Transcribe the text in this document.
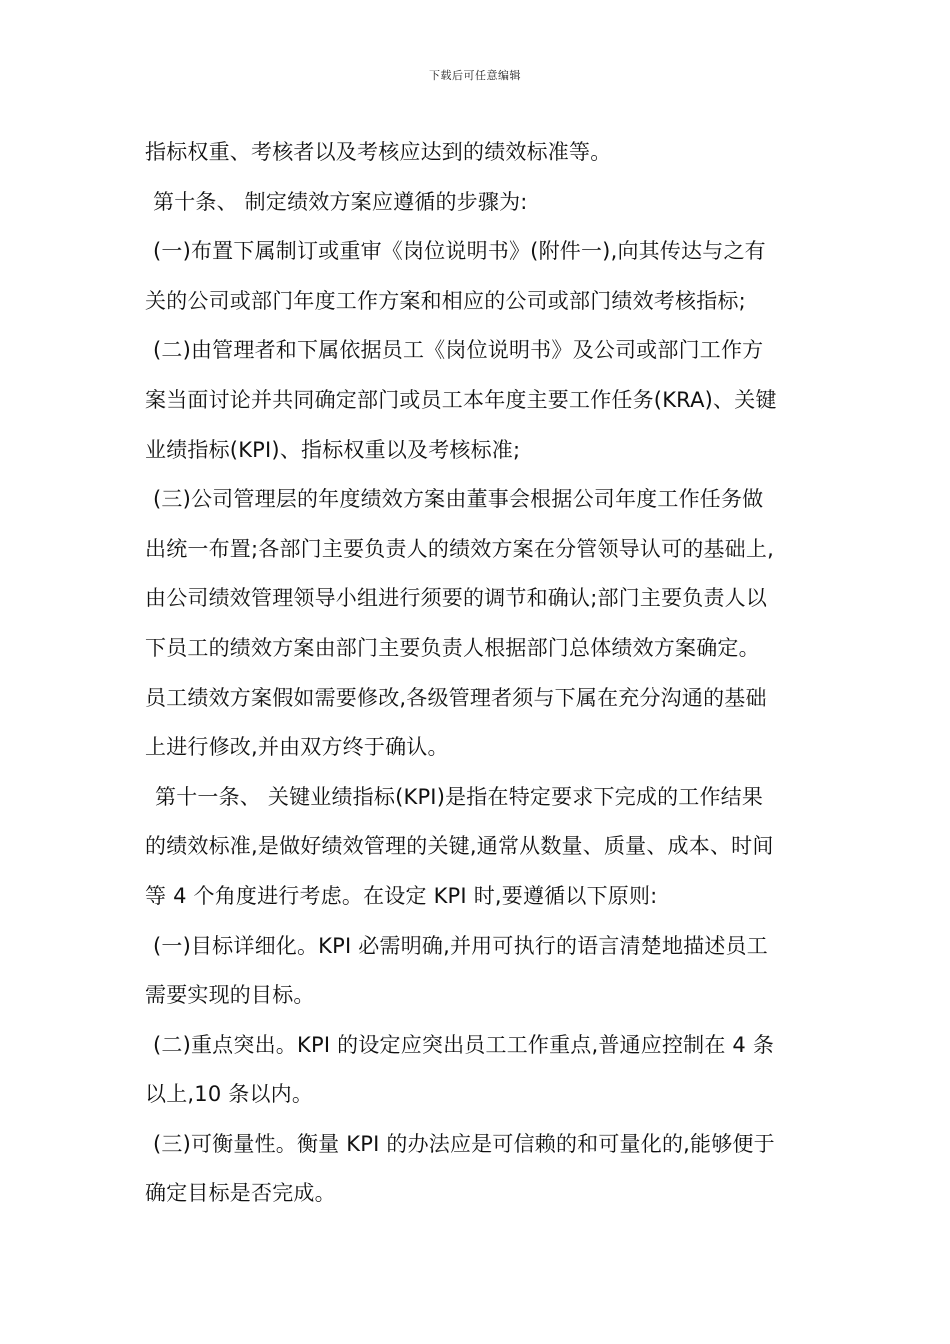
下载后可任意编辑
指标权重、考核者以及考核应达到的绩效标准等。
第十条、 制定绩效方案应遵循的步骤为:
(一)布置下属制订或重审《岗位说明书》(附件一),向其传达与之有
关的公司或部门年度工作方案和相应的公司或部门绩效考核指标;
(二)由管理者和下属依据员工《岗位说明书》及公司或部门工作方
案当面讨论并共同确定部门或员工本年度主要工作任务(KRA)、关键
业绩指标(KPI)、指标权重以及考核标准;
(三)公司管理层的年度绩效方案由董事会根据公司年度工作任务做
出统一布置;各部门主要负责人的绩效方案在分管领导认可的基础上,
由公司绩效管理领导小组进行须要的调节和确认;部门主要负责人以
下员工的绩效方案由部门主要负责人根据部门总体绩效方案确定。
员工绩效方案假如需要修改,各级管理者须与下属在充分沟通的基础
上进行修改,并由双方终于确认。
第十一条、 关键业绩指标(KPI)是指在特定要求下完成的工作结果
的绩效标准,是做好绩效管理的关键,通常从数量、质量、成本、时间
等 4 个角度进行考虑。在设定 KPI 时,要遵循以下原则:
(一)目标详细化。KPI 必需明确,并用可执行的语言清楚地描述员工
需要实现的目标。
(二)重点突出。KPI 的设定应突出员工工作重点,普通应控制在 4 条
以上,10 条以内。
(三)可衡量性。衡量 KPI 的办法应是可信赖的和可量化的,能够便于
确定目标是否完成。
